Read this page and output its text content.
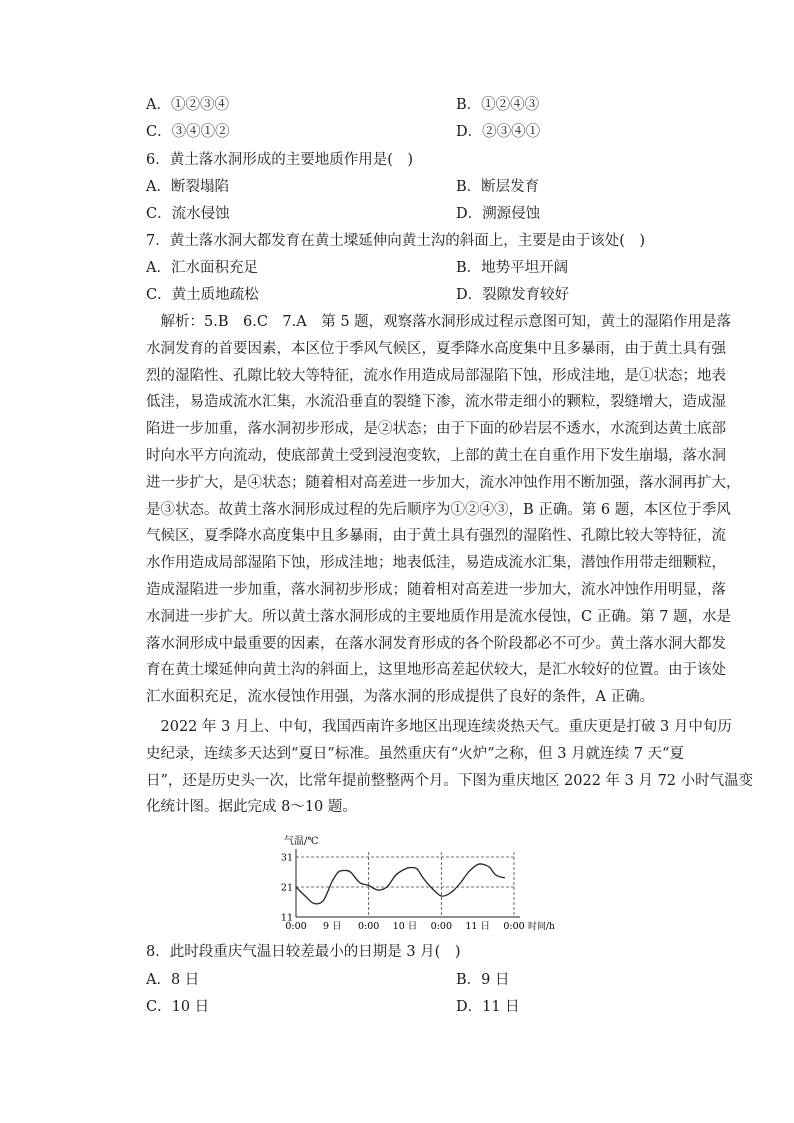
A．①②③④	B．①②④③
C．③④①②	D．②③④①
6．黄土落水洞形成的主要地质作用是(　)
A．断裂塌陷	B．断层发育
C．流水侵蚀	D．溯源侵蚀
7．黄土落水洞大都发育在黄土墚延伸向黄土沟的斜面上，主要是由于该处(　)
A．汇水面积充足	B．地势平坦开阔
C．黄土质地疏松	D．裂隙发育较好
　解析：5.B　6.C　7.A　第 5 题，观察落水洞形成过程示意图可知，黄土的湿陷作用是落
水洞发育的首要因素，本区位于季风气候区，夏季降水高度集中且多暴雨，由于黄土具有强
烈的湿陷性、孔隙比较大等特征，流水作用造成局部湿陷下蚀，形成洼地，是①状态；地表
低洼，易造成流水汇集，水流沿垂直的裂缝下渗，流水带走细小的颗粒，裂缝增大，造成湿
陷进一步加重，落水洞初步形成，是②状态；由于下面的砂岩层不透水，水流到达黄土底部
时向水平方向流动，使底部黄土受到浸泡变软，上部的黄土在自重作用下发生崩塌，落水洞
进一步扩大，是④状态；随着相对高差进一步加大，流水冲蚀作用不断加强，落水洞再扩大，
是③状态。故黄土落水洞形成过程的先后顺序为①②④③，B 正确。第 6 题，本区位于季风
气候区，夏季降水高度集中且多暴雨，由于黄土具有强烈的湿陷性、孔隙比较大等特征，流
水作用造成局部湿陷下蚀，形成洼地；地表低洼，易造成流水汇集，潜蚀作用带走细颗粒，
造成湿陷进一步加重，落水洞初步形成；随着相对高差进一步加大，流水冲蚀作用明显，落
水洞进一步扩大。所以黄土落水洞形成的主要地质作用是流水侵蚀，C 正确。第 7 题，水是
落水洞形成中最重要的因素，在落水洞发育形成的各个阶段都必不可少。黄土落水洞大都发
育在黄土墚延伸向黄土沟的斜面上，这里地形高差起伏较大，是汇水较好的位置。由于该处
汇水面积充足，流水侵蚀作用强，为落水洞的形成提供了良好的条件，A 正确。
　2022 年 3 月上、中旬，我国西南许多地区出现连续炎热天气。重庆更是打破 3 月中旬历
史纪录，连续多天达到“夏日”标准。虽然重庆有“火炉”之称，但 3 月就连续 7 天“夏
日”，还是历史头一次，比常年提前整整两个月。下图为重庆地区 2022 年 3 月 72 小时气温变
化统计图。据此完成 8～10 题。
气温/℃
11
21
31
0:00 9 日 0:00 10 日 0:00 11 日 0:00 时间/h
8．此时段重庆气温日较差最小的日期是 3 月(　)
A．8 日	B．9 日
C．10 日	D．11 日
